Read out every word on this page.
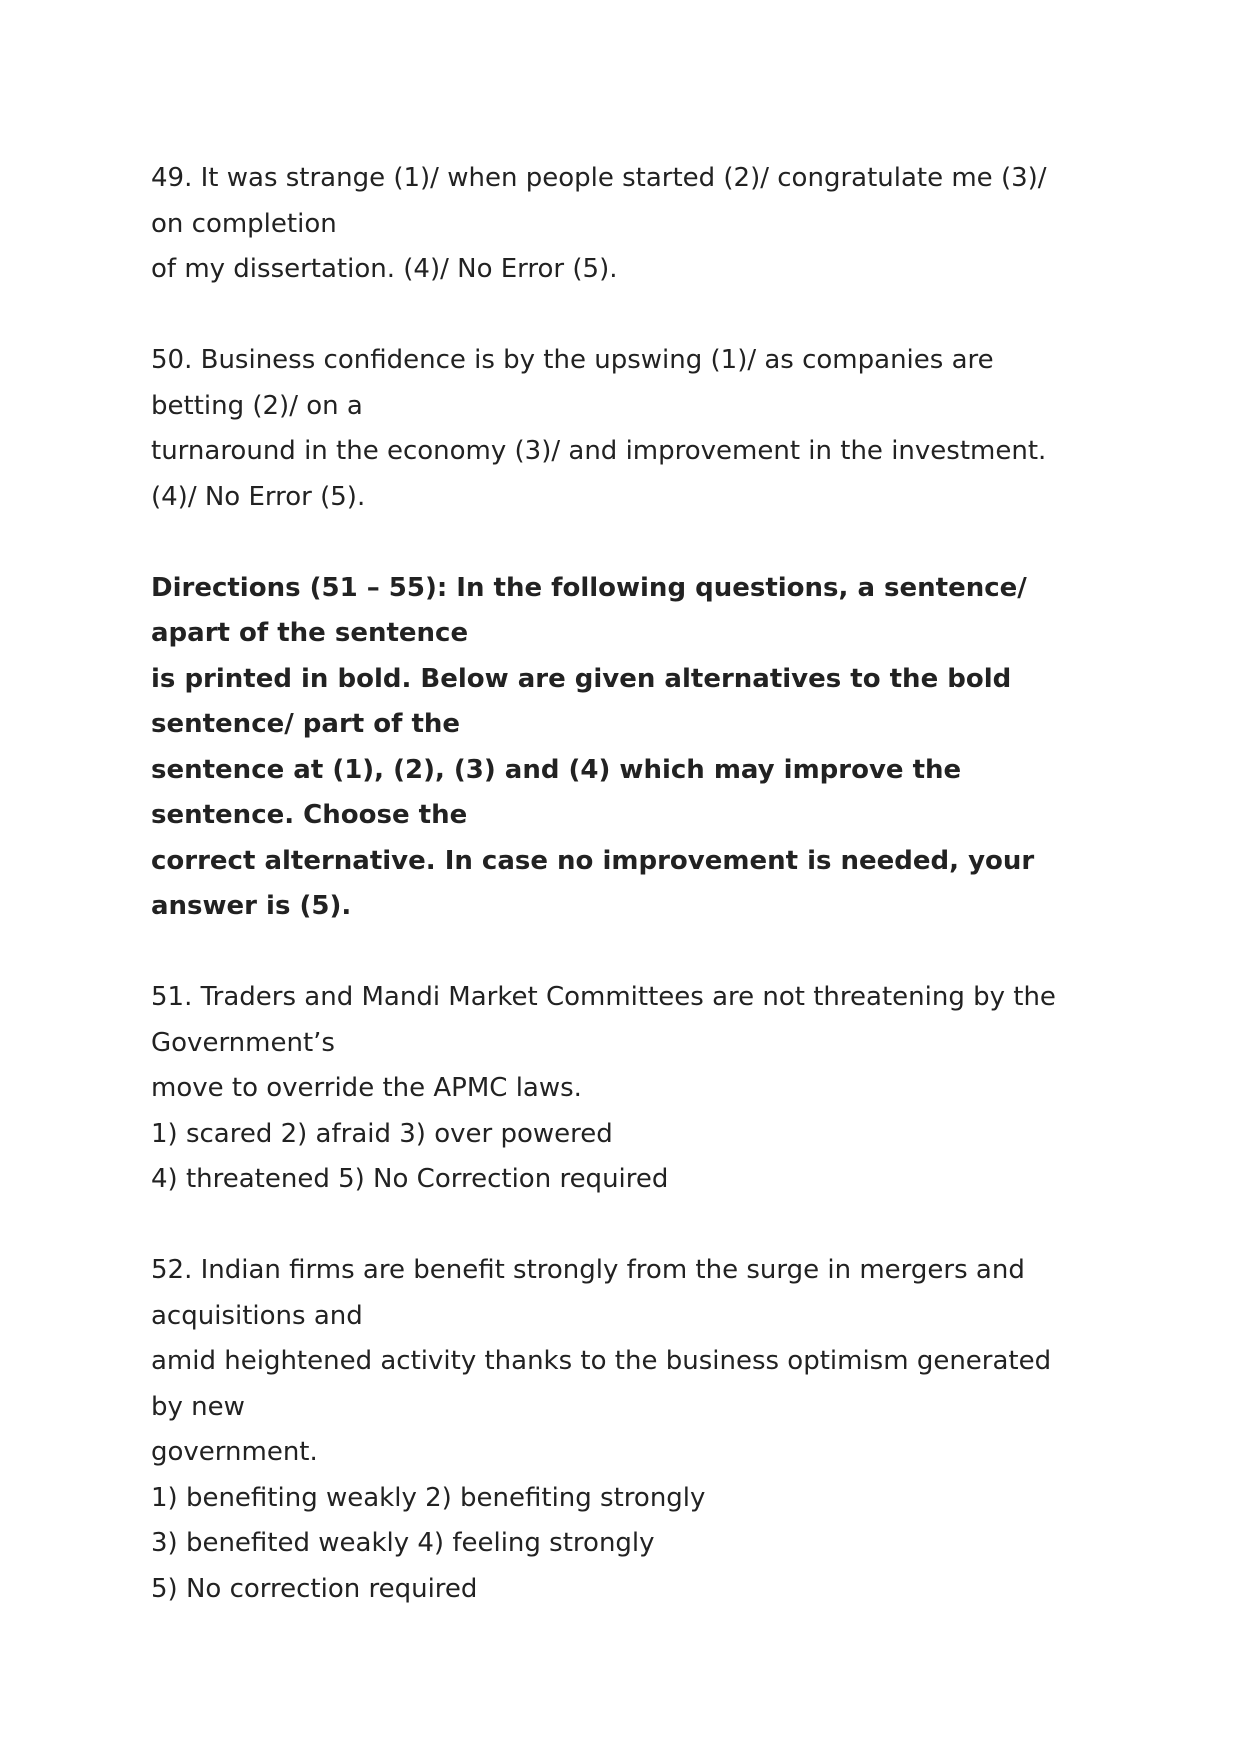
49. It was strange (1)/ when people started (2)/ congratulate me (3)/
on completion
of my dissertation. (4)/ No Error (5).
50. Business confidence is by the upswing (1)/ as companies are
betting (2)/ on a
turnaround in the economy (3)/ and improvement in the investment.
(4)/ No Error (5).
Directions (51 – 55): In the following questions, a sentence/
apart of the sentence
is printed in bold. Below are given alternatives to the bold
sentence/ part of the
sentence at (1), (2), (3) and (4) which may improve the
sentence. Choose the
correct alternative. In case no improvement is needed, your
answer is (5).
51. Traders and Mandi Market Committees are not threatening by the
Government’s
move to override the APMC laws.
1) scared 2) afraid 3) over powered
4) threatened 5) No Correction required
52. Indian firms are benefit strongly from the surge in mergers and
acquisitions and
amid heightened activity thanks to the business optimism generated
by new
government.
1) benefiting weakly 2) benefiting strongly
3) benefited weakly 4) feeling strongly
5) No correction required
